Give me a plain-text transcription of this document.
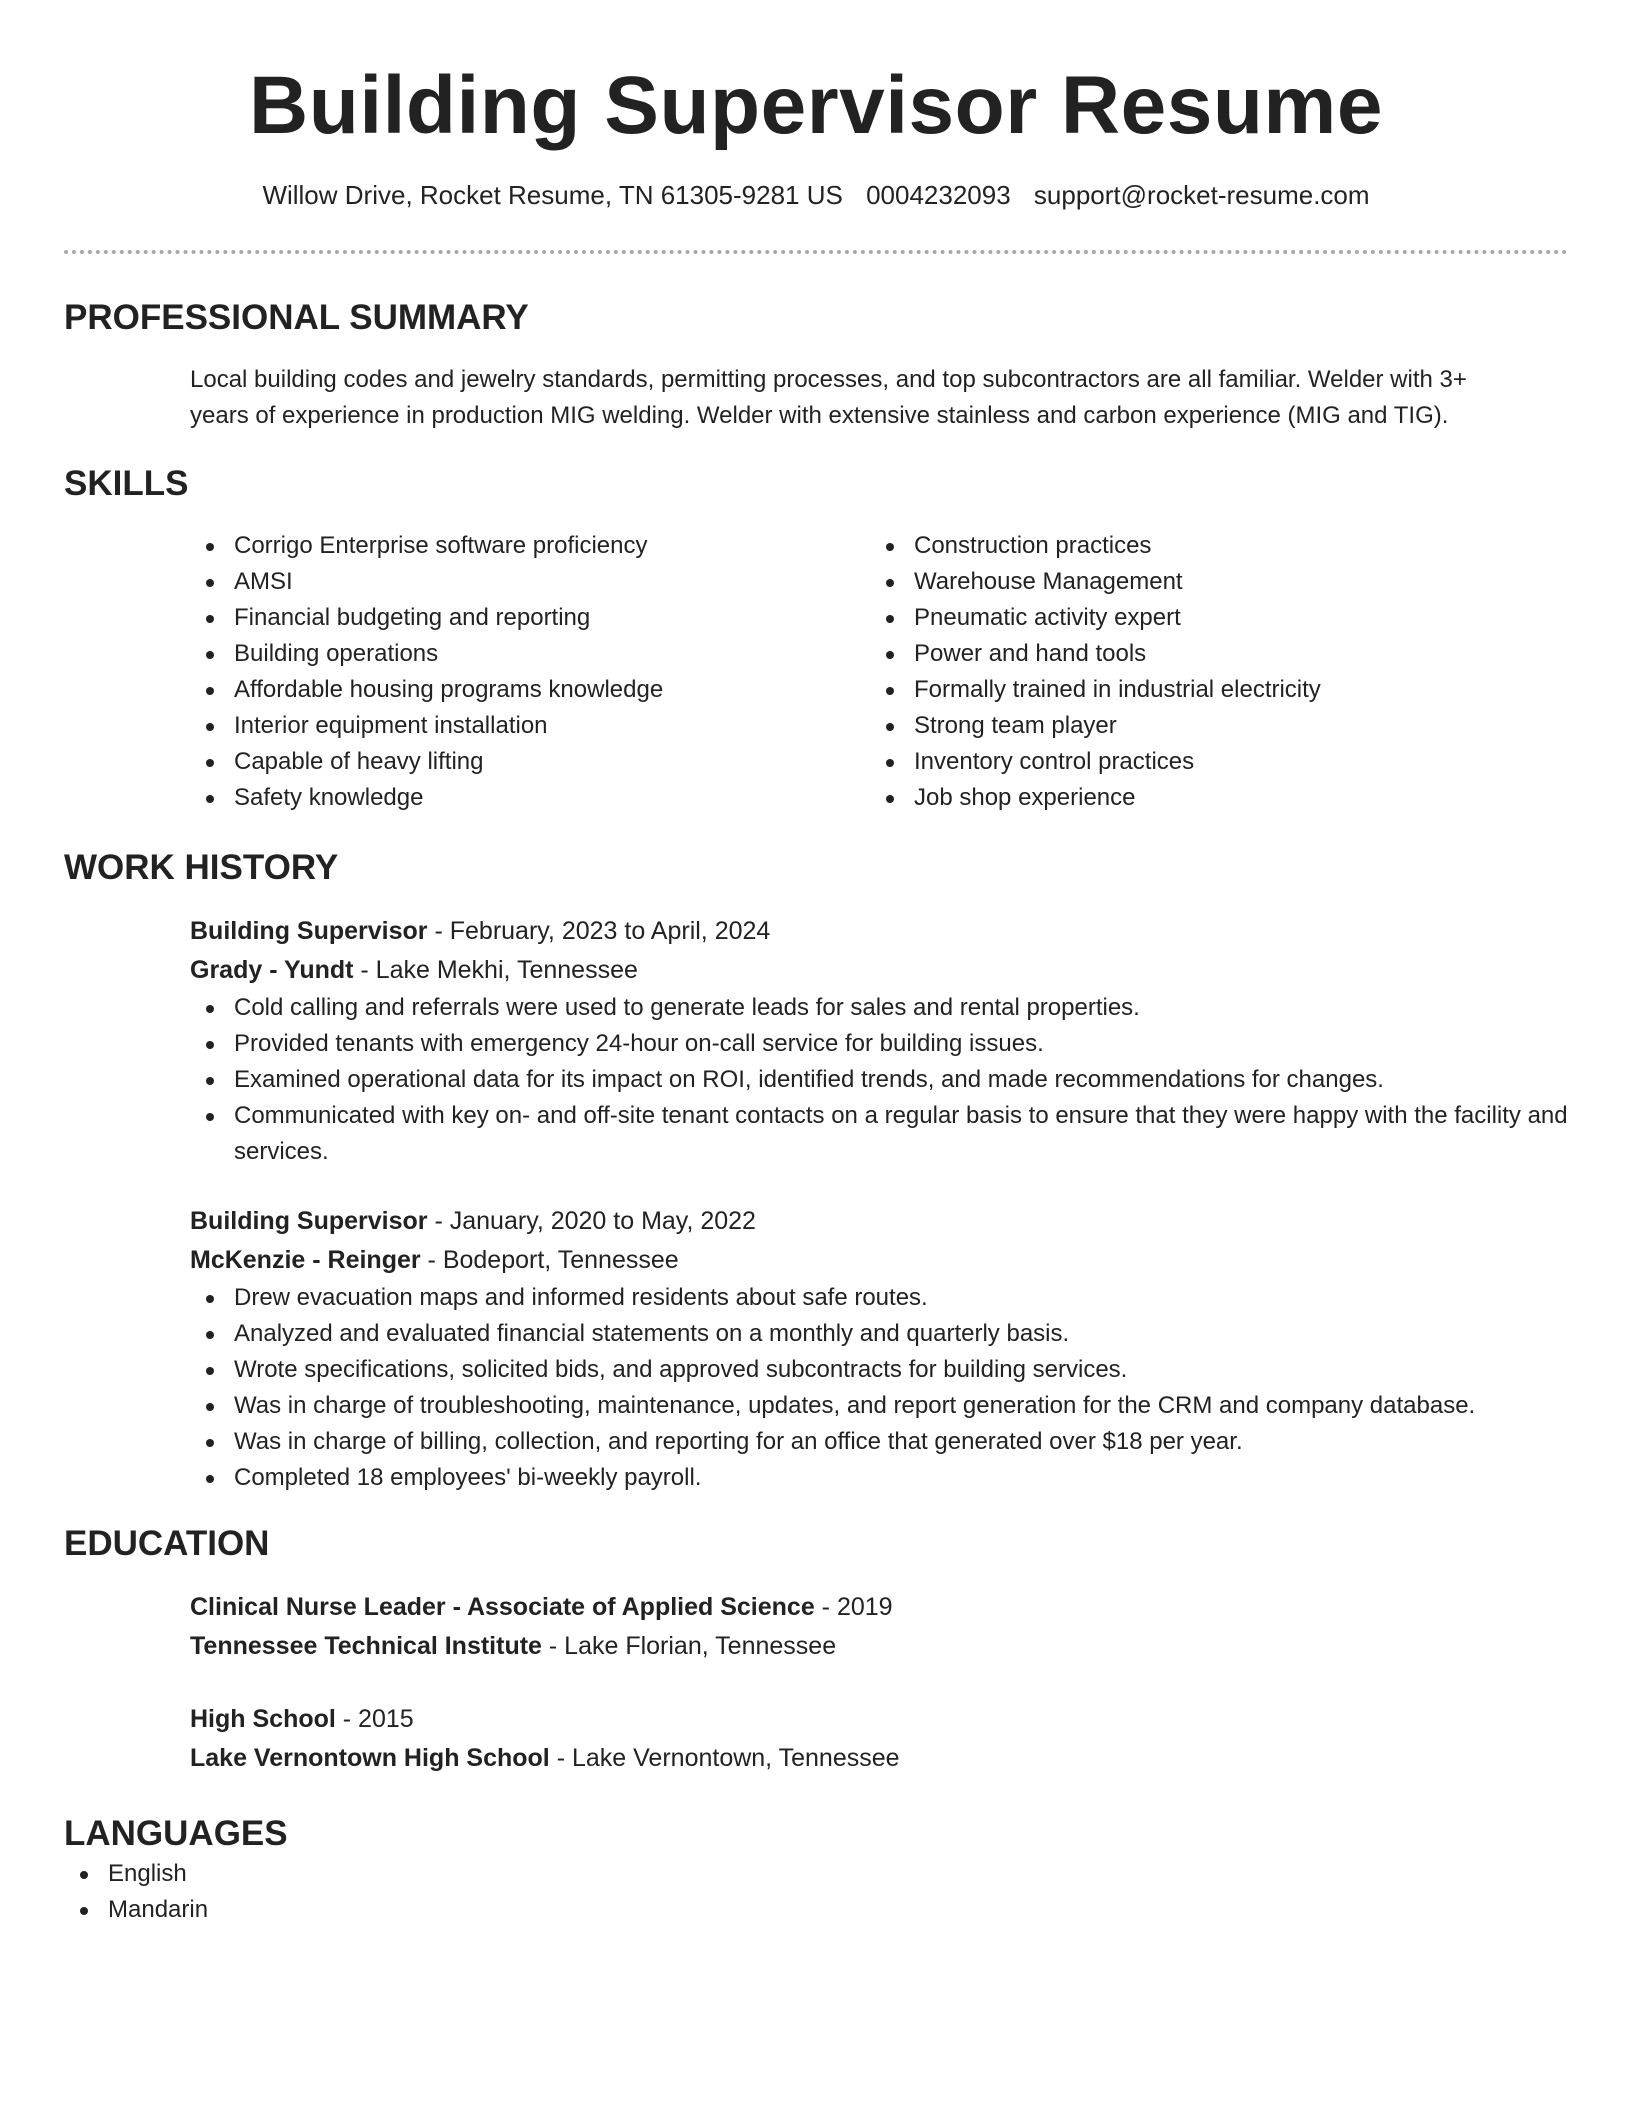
Building Supervisor Resume
Willow Drive, Rocket Resume, TN 61305-9281 US 0004232093 support@rocket-resume.com
PROFESSIONAL SUMMARY
Local building codes and jewelry standards, permitting processes, and top subcontractors are all familiar. Welder with 3+ years of experience in production MIG welding. Welder with extensive stainless and carbon experience (MIG and TIG).
SKILLS
Corrigo Enterprise software proficiency
AMSI
Financial budgeting and reporting
Building operations
Affordable housing programs knowledge
Interior equipment installation
Capable of heavy lifting
Safety knowledge
Construction practices
Warehouse Management
Pneumatic activity expert
Power and hand tools
Formally trained in industrial electricity
Strong team player
Inventory control practices
Job shop experience
WORK HISTORY
Building Supervisor - February, 2023 to April, 2024
Grady - Yundt - Lake Mekhi, Tennessee
Cold calling and referrals were used to generate leads for sales and rental properties.
Provided tenants with emergency 24-hour on-call service for building issues.
Examined operational data for its impact on ROI, identified trends, and made recommendations for changes.
Communicated with key on- and off-site tenant contacts on a regular basis to ensure that they were happy with the facility and services.
Building Supervisor - January, 2020 to May, 2022
McKenzie - Reinger - Bodeport, Tennessee
Drew evacuation maps and informed residents about safe routes.
Analyzed and evaluated financial statements on a monthly and quarterly basis.
Wrote specifications, solicited bids, and approved subcontracts for building services.
Was in charge of troubleshooting, maintenance, updates, and report generation for the CRM and company database.
Was in charge of billing, collection, and reporting for an office that generated over $18 per year.
Completed 18 employees' bi-weekly payroll.
EDUCATION
Clinical Nurse Leader - Associate of Applied Science - 2019
Tennessee Technical Institute - Lake Florian, Tennessee
High School - 2015
Lake Vernontown High School - Lake Vernontown, Tennessee
LANGUAGES
English
Mandarin
